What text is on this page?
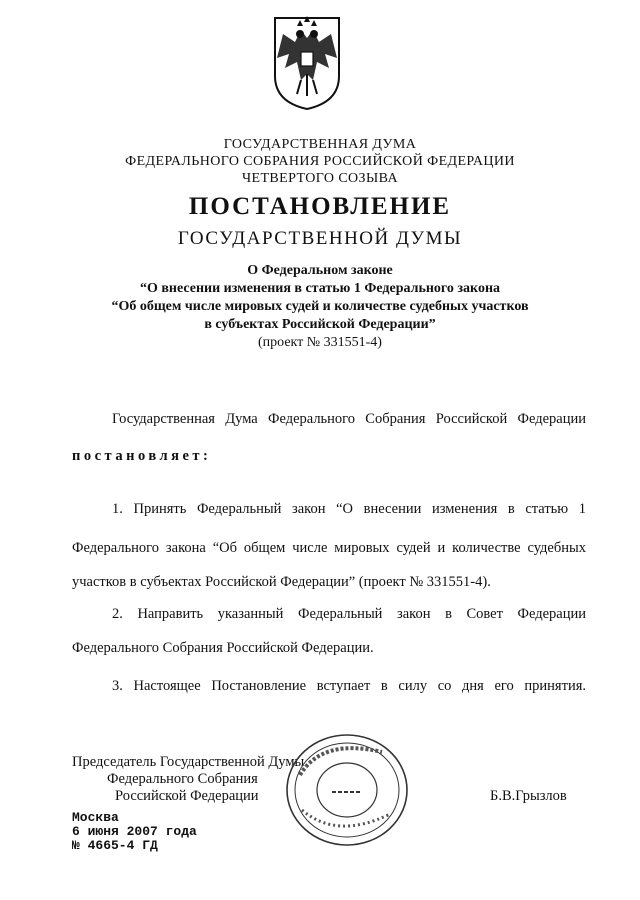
ГОСУДАРСТВЕННАЯ ДУМА
ФЕДЕРАЛЬНОГО СОБРАНИЯ РОССИЙСКОЙ ФЕДЕРАЦИИ
ЧЕТВЕРТОГО СОЗЫВА
ПОСТАНОВЛЕНИЕ
ГОСУДАРСТВЕННОЙ ДУМЫ
О Федеральном законе
“О внесении изменения в статью 1 Федерального закона
“Об общем числе мировых судей и количестве судебных участков
в субъектах Российской Федерации”
(проект № 331551-4)
Государственная Дума Федерального Собрания Российской Федерации
постановляет:
1. Принять Федеральный закон “О внесении изменения в статью 1
Федерального закона “Об общем числе мировых судей и количестве судебных
участков в субъектах Российской Федерации” (проект № 331551-4).
2. Направить указанный Федеральный закон в Совет Федерации
Федерального Собрания Российской Федерации.
3. Настоящее Постановление вступает в силу со дня его принятия.
Председатель Государственной Думы
Федерального Собрания
Российской Федерации	Б.В.Грызлов
Москва
6 июня 2007 года
№ 4665-4 ГД
